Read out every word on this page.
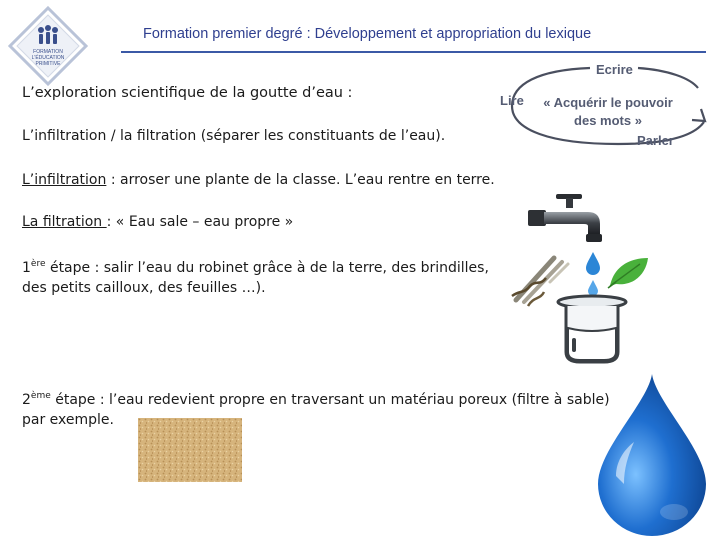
FORMATION
L'ÉDUCATION
PRIMITIVE
Formation premier degré : Développement et appropriation du lexique
Ecrire
Lire
Parler
« Acquérir le pouvoir
des mots »
L’exploration scientifique de la goutte d’eau :
L’infiltration / la filtration (séparer les constituants de l’eau).
L’infiltration : arroser une plante de la classe. L’eau rentre en terre.
La filtration : « Eau sale – eau propre »
1ère étape : salir l’eau du robinet grâce à de la terre, des brindilles,
des petits cailloux, des feuilles …).
2ème étape : l’eau redevient propre en traversant un matériau poreux (filtre à sable)
par exemple.
